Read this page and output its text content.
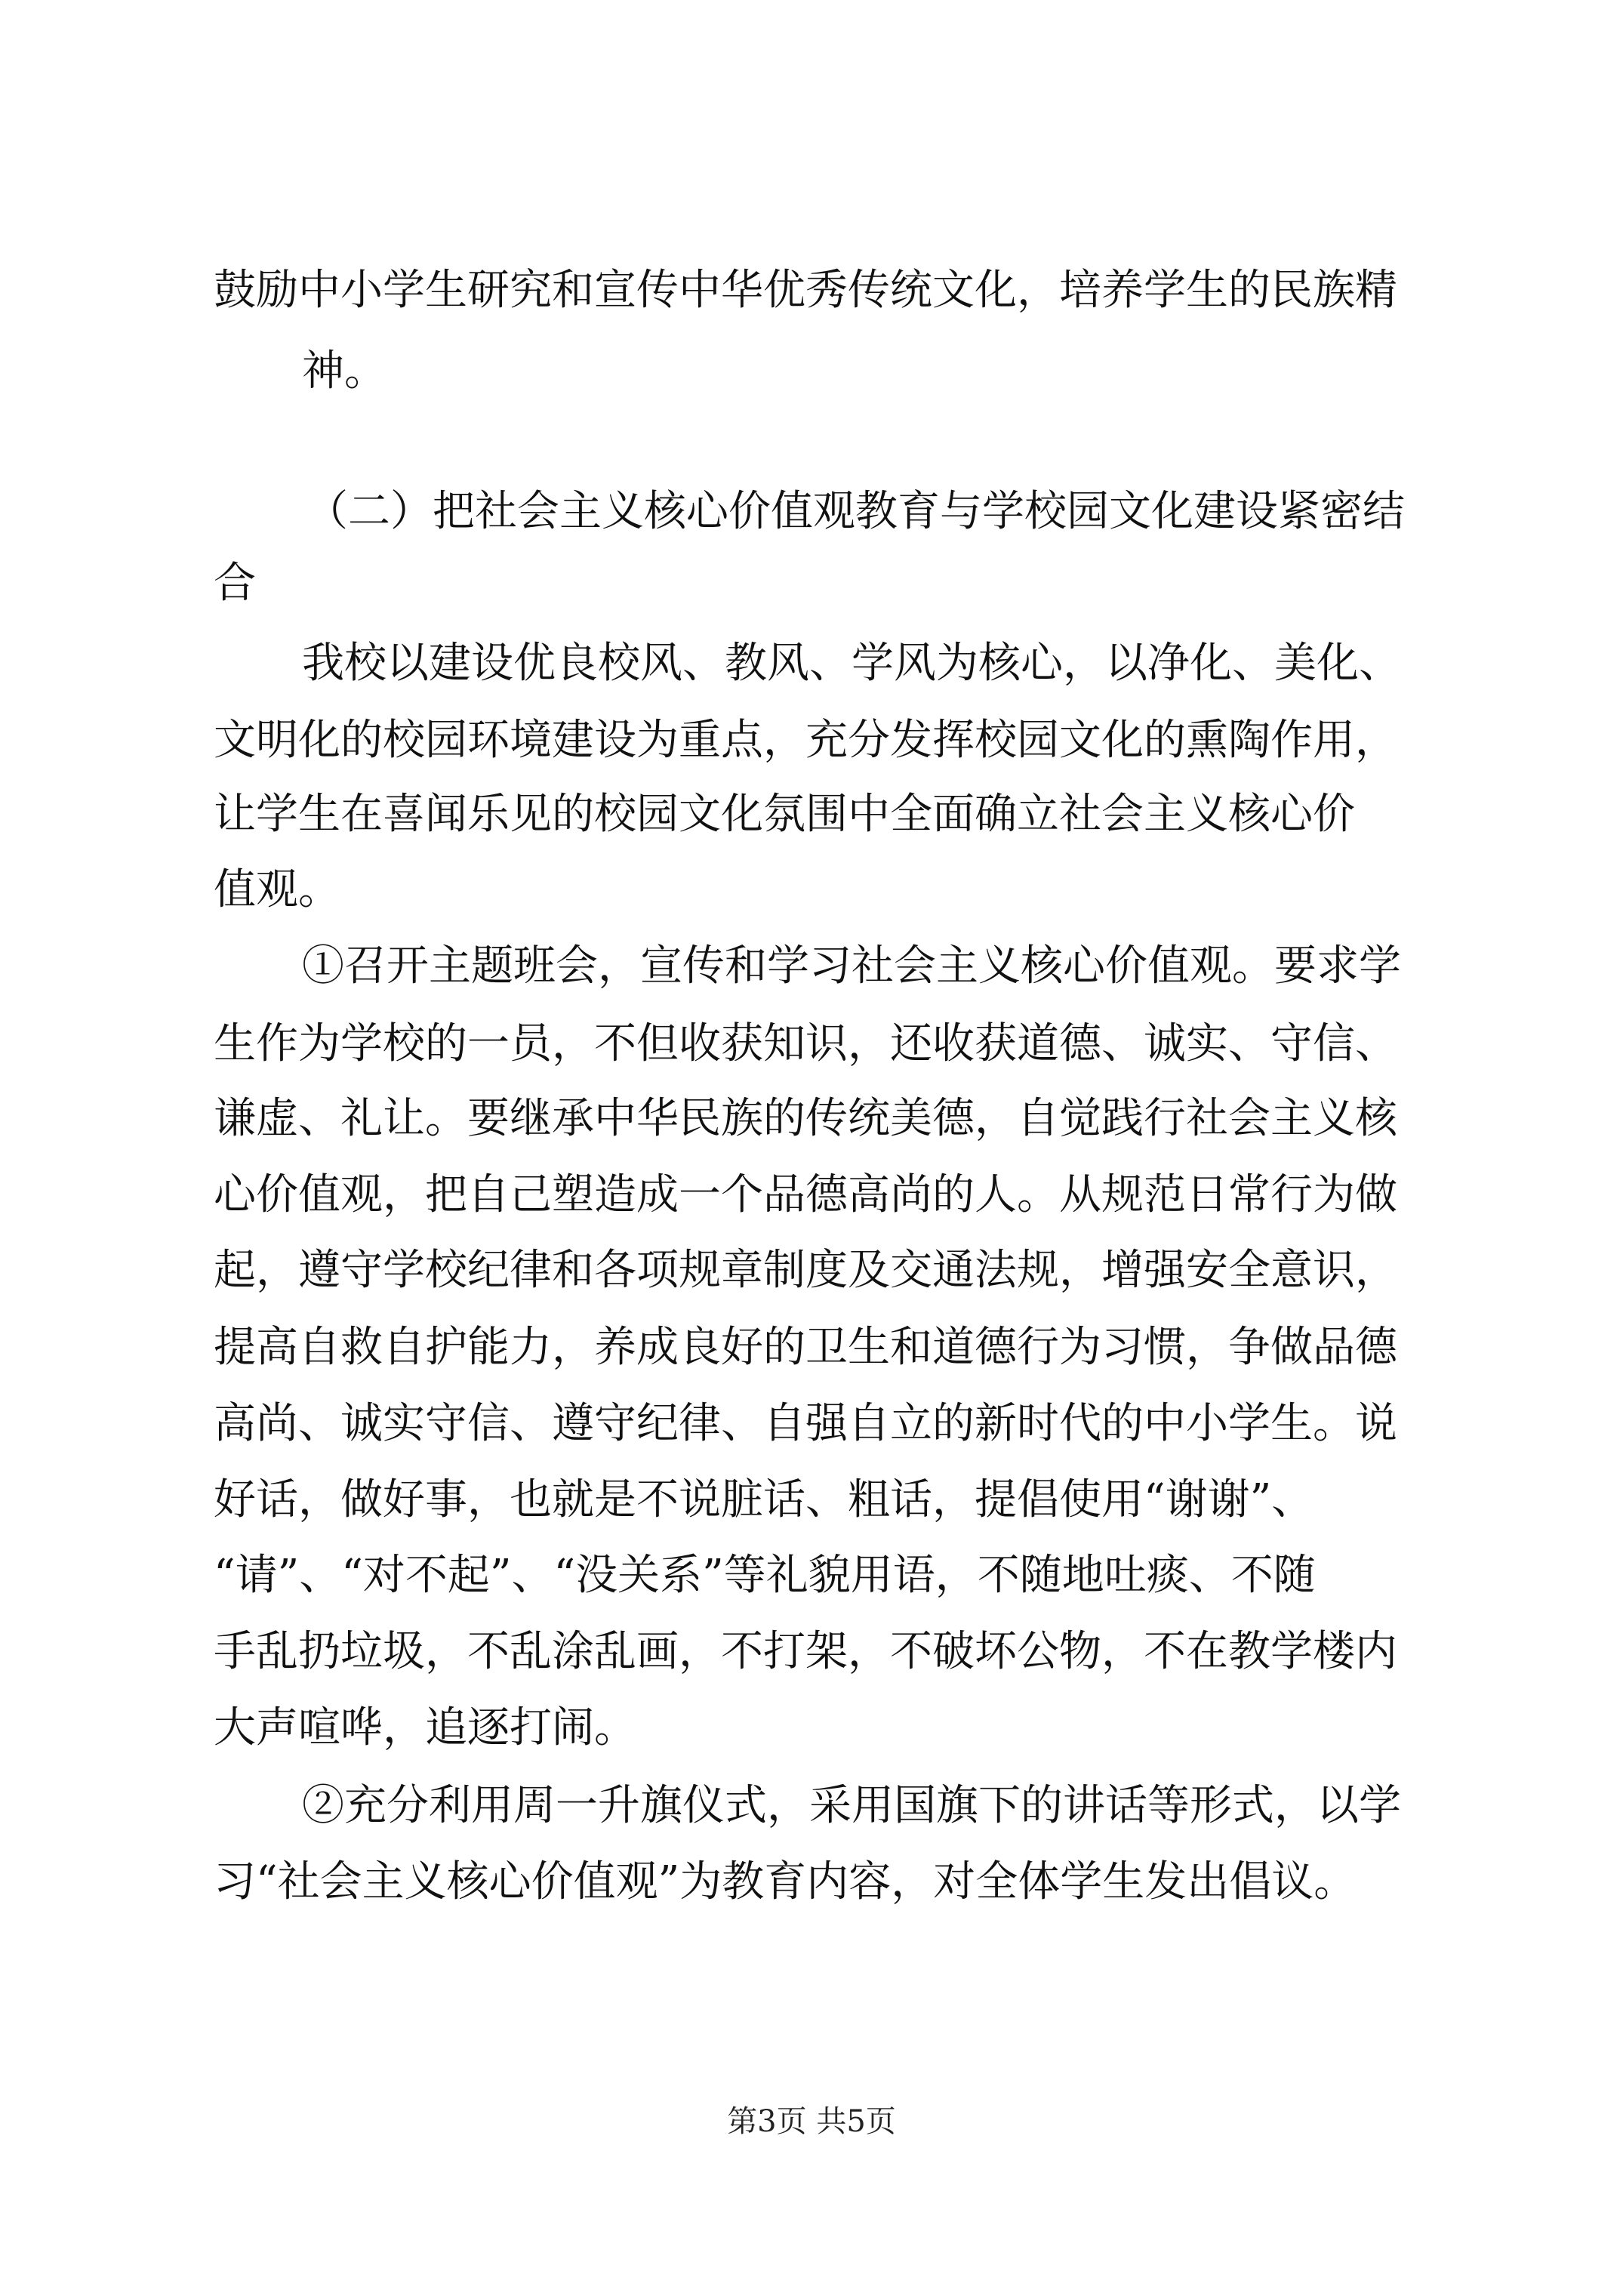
鼓励中小学生研究和宣传中华优秀传统文化，培养学生的民族精
神。
（二）把社会主义核心价值观教育与学校园文化建设紧密结
合
我校以建设优良校风、教风、学风为核心，以净化、美化、
文明化的校园环境建设为重点，充分发挥校园文化的熏陶作用，
让学生在喜闻乐见的校园文化氛围中全面确立社会主义核心价
值观。
①召开主题班会，宣传和学习社会主义核心价值观。要求学
生作为学校的一员，不但收获知识，还收获道德、诚实、守信、
谦虚、礼让。要继承中华民族的传统美德，自觉践行社会主义核
心价值观，把自己塑造成一个品德高尚的人。从规范日常行为做
起，遵守学校纪律和各项规章制度及交通法规，增强安全意识，
提高自救自护能力，养成良好的卫生和道德行为习惯，争做品德
高尚、诚实守信、遵守纪律、自强自立的新时代的中小学生。说
好话，做好事，也就是不说脏话、粗话，提倡使用“谢谢”、
“请”、“对不起”、“没关系”等礼貌用语，不随地吐痰、不随
手乱扔垃圾，不乱涂乱画，不打架，不破坏公物，不在教学楼内
大声喧哗，追逐打闹。
②充分利用周一升旗仪式，采用国旗下的讲话等形式，以学
习“社会主义核心价值观”为教育内容，对全体学生发出倡议。
第3页 共5页
